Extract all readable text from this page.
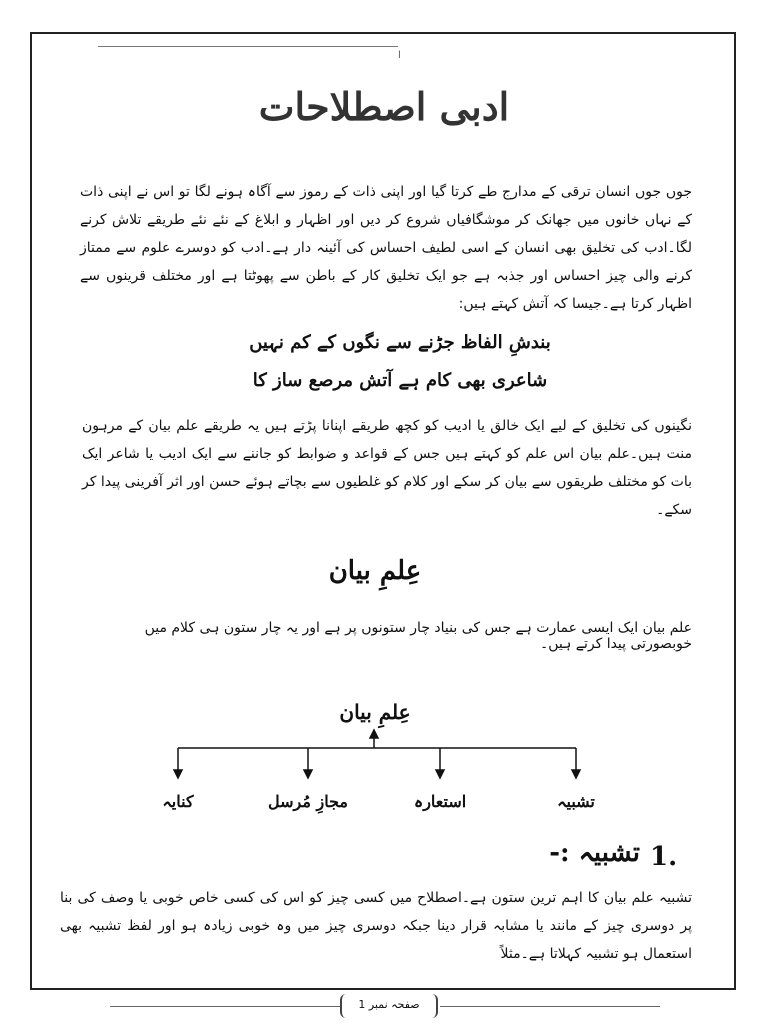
ا
ادبی اصطلاحات
جوں جوں انسان ترقی کے مدارج طے کرتا گیا اور اپنی ذات کے رموز سے آگاہ ہونے لگا تو اس نے اپنی ذات کے نہاں خانوں میں جھانک کر موشگافیاں شروع کر دیں اور اظہار و ابلاغ کے نئے نئے طریقے تلاش کرنے لگا۔ادب کی تخلیق بھی انسان کے اسی لطیف احساس کی آئینہ دار ہے۔ادب کو دوسرے علوم سے ممتاز کرنے والی چیز احساس اور جذبہ ہے جو ایک تخلیق کار کے باطن سے پھوٹتا ہے اور مختلف قرینوں سے اظہار کرتا ہے۔جیسا کہ آتش کہتے ہیں:
بندشِ الفاظ جڑنے سے نگوں کے کم نہیں
شاعری بھی کام ہے آتش مرصع ساز کا
نگینوں کی تخلیق کے لیے ایک خالق یا ادیب کو کچھ طریقے اپنانا پڑتے ہیں یہ طریقے علم بیان کے مرہون منت ہیں۔علم بیان اس علم کو کہتے ہیں جس کے قواعد و ضوابط کو جاننے سے ایک ادیب یا شاعر ایک بات کو مختلف طریقوں سے بیان کر سکے اور کلام کو غلطیوں سے بچاتے ہوئے حسن اور اثر آفرینی پیدا کر سکے۔
عِلمِ بیان
علم بیان ایک ایسی عمارت ہے جس کی بنیاد چار ستونوں پر ہے اور یہ چار ستون ہی کلام میں خوبصورتی پیدا کرتے ہیں۔
عِلمِ بیان
تشبیہ
استعارہ
مجازِ مُرسل
کنایہ
1.
تشبیہ :-
تشبیہ علم بیان کا اہم ترین ستون ہے۔اصطلاح میں کسی چیز کو اس کی کسی خاص خوبی یا وصف کی بنا پر دوسری چیز کے مانند یا مشابہ قرار دینا جبکہ دوسری چیز میں وہ خوبی زیادہ ہو اور لفظ تشبیہ بھی استعمال ہو تشبیہ کہلاتا ہے۔مثلاً
صفحہ نمبر 1
